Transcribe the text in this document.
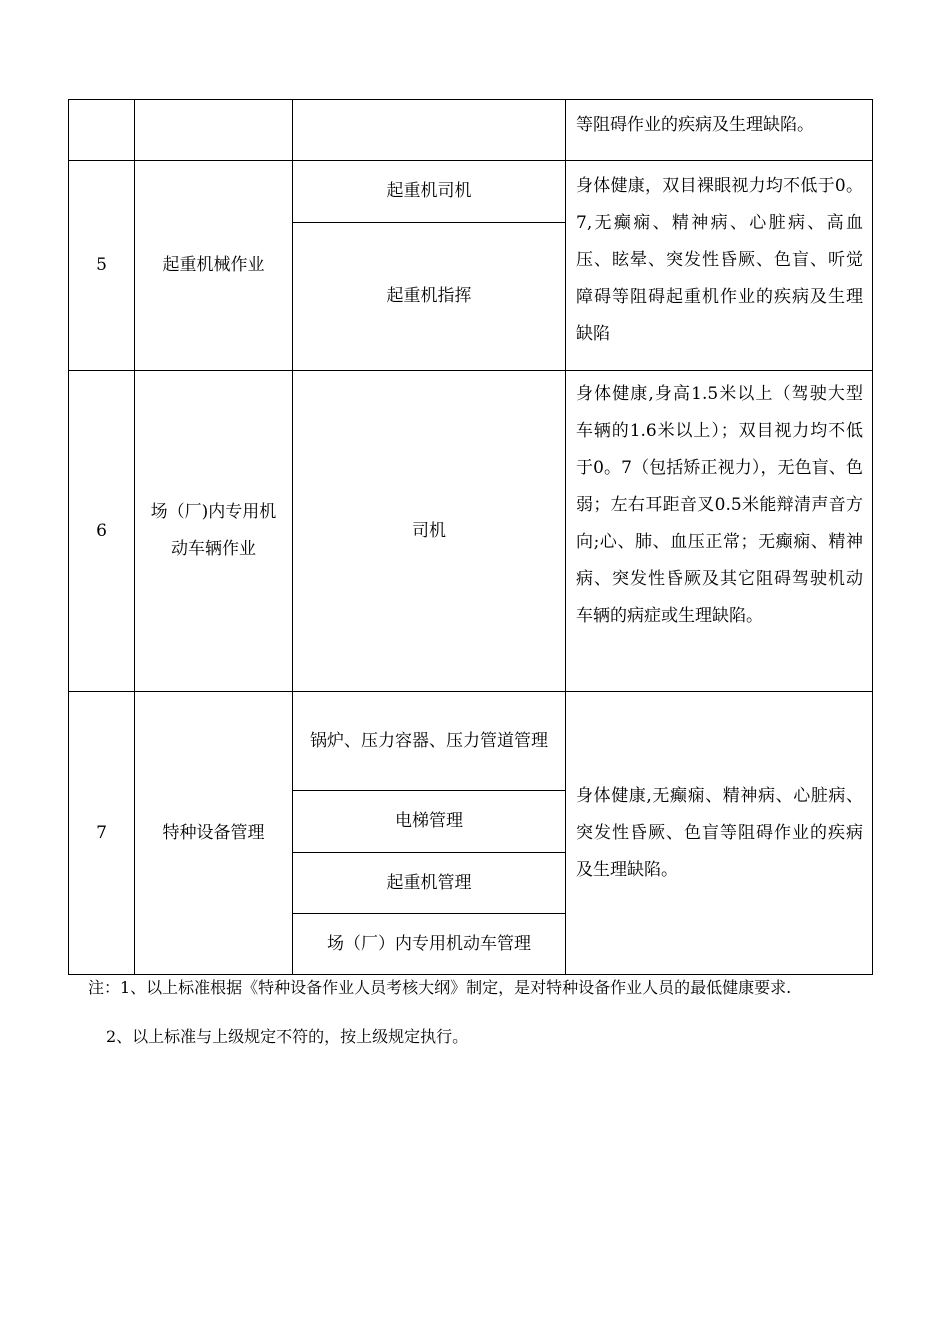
等阻碍作业的疾病及生理缺陷。
5	起重机械作业
起重机司机
起重机指挥
身体健康，双目裸眼视力均不低于0。7,无癫痫、精神病、心脏病、高血压、眩晕、突发性昏厥、色盲、听觉障碍等阻碍起重机作业的疾病及生理缺陷
6
场（厂)内专用机动车辆作业
司机
身体健康,身高1.5米以上（驾驶大型车辆的1.6米以上）；双目视力均不低于0。7（包括矫正视力），无色盲、色弱；左右耳距音叉0.5米能辩清声音方向;心、肺、血压正常；无癫痫、精神病、突发性昏厥及其它阻碍驾驶机动车辆的病症或生理缺陷。
7	特种设备管理
锅炉、压力容器、压力管道管理
电梯管理
起重机管理
场（厂）内专用机动车管理
身体健康,无癫痫、精神病、心脏病、突发性昏厥、色盲等阻碍作业的疾病及生理缺陷。
注：1、以上标准根据《特种设备作业人员考核大纲》制定，是对特种设备作业人员的最低健康要求.
2、以上标准与上级规定不符的，按上级规定执行。
